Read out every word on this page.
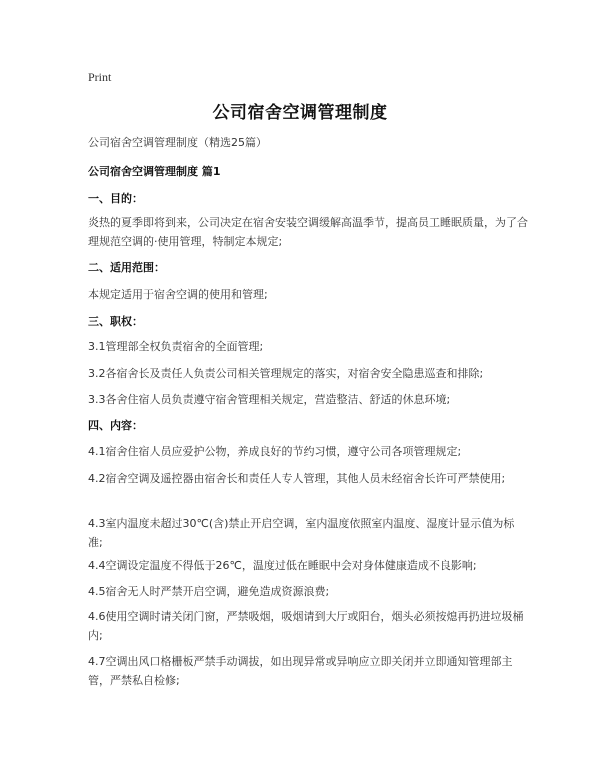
Print
公司宿舍空调管理制度
公司宿舍空调管理制度（精选25篇）
公司宿舍空调管理制度 篇1
一、目的：
炎热的夏季即将到来，公司决定在宿舍安装空调缓解高温季节，提高员工睡眠质量，为了合理规范空调的·使用管理，特制定本规定;
二、适用范围：
本规定适用于宿舍空调的使用和管理;
三、职权：
3.1管理部全权负责宿舍的全面管理;
3.2各宿舍长及责任人负责公司相关管理规定的落实，对宿舍安全隐患巡查和排除;
3.3各舍住宿人员负责遵守宿舍管理相关规定，营造整洁、舒适的休息环境;
四、内容：
4.1宿舍住宿人员应爱护公物，养成良好的节约习惯，遵守公司各项管理规定;
4.2宿舍空调及遥控器由宿舍长和责任人专人管理，其他人员未经宿舍长许可严禁使用;
4.3室内温度未超过30℃(含)禁止开启空调，室内温度依照室内温度、湿度计显示值为标准;
4.4空调设定温度不得低于26℃，温度过低在睡眠中会对身体健康造成不良影响;
4.5宿舍无人时严禁开启空调，避免造成资源浪费;
4.6使用空调时请关闭门窗，严禁吸烟，吸烟请到大厅或阳台，烟头必须按熄再扔进垃圾桶内;
4.7空调出风口格栅板严禁手动调拔，如出现异常或异响应立即关闭并立即通知管理部主管，严禁私自检修;
